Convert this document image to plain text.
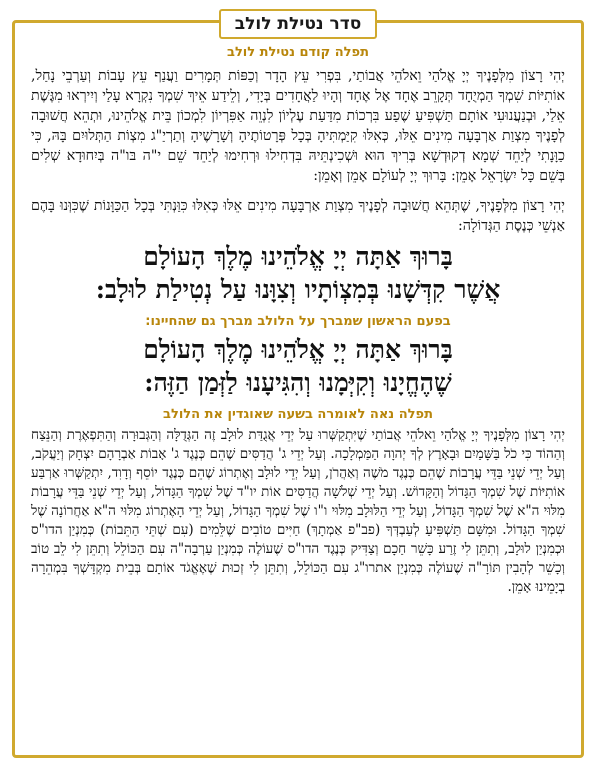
סדר נטילת לולב
תפלה קודם נטילת לולב

יְהִי רָצוֹן מִלְּפָנֶיךָ יְיָ אֱלֹהַי וֵאלֹהֵי אֲבוֹתַי, בִּפְרִי עֵץ הָדָר וְכַפּוֹת תְּמָרִים וַעֲנַף עֵץ עָבוֹת וְעַרְבֵי נָחַל, אוֹתִיּוֹת שִׁמְךָ הַמְיֻחָד תְּקָרֵב אֶחָד אֶל אֶחָד וְהָיוּ לַאֲחָדִים בְּיָדִי, וְלֵידַע אֵיךְ שִׁמְךָ נִקְרָא עָלַי וְיִירְאוּ מִגֶּשֶׁת אֵלַי, וּבְנַעֲנוּעִי אוֹתָם תַּשְׁפִּיעַ שֶׁפַע בִּרְכוֹת מִדַּעַת עֶלְיוֹן לִנְוֵה אַפִּרְיוֹן לִמְכוֹן בֵּית אֱלֹהֵינוּ, וּתְהֵא חֲשׁוּבָה לְפָנֶיךָ מִצְוַת אַרְבָּעָה מִינִים אֵלּוּ, כְּאִלּוּ קִיַּמְתִּיהָ בְּכָל פְּרָטוֹתֶיהָ וְשָׁרָשֶׁיהָ וְתַרְיַ"ג מִצְוֹת הַתְּלוּיִם בָּהּ, כִּי כַוָּנָתִי לְיַחֵד שְׁמָא דְקוּדְשָׁא בְּרִיךְ הוּא וּשְׁכִינְתֵּיהּ בִּדְחִילוּ וּרְחִימוּ לְיַחֵד שֵׁם י"ה בּו"ה בְּיִחוּדָא שְׁלִים בְּשֵׁם כָּל יִשְׂרָאֵל אָמֵן: בָּרוּךְ יְיָ לְעוֹלָם אָמֵן וְאָמֵן:

יְהִי רָצוֹן מִלְּפָנֶיךָ, שֶׁתְּהֵא חֲשׁוּבָה לְפָנֶיךָ מִצְוַת אַרְבָּעָה מִינִים אֵלּוּ כְּאִלּוּ כִּוַּנְתִּי בְּכָל הַכַּוָּנוֹת שֶׁכִּוְּנוּ בָּהֶם אַנְשֵׁי כְּנֶסֶת הַגְּדוֹלָה:

בָּרוּךְ אַתָּה יְיָ אֱלֹהֵינוּ מֶלֶךְ הָעוֹלָם
אֲשֶׁר קִדְּשָׁנוּ בְּמִצְוֹתָיו וְצִוָּנוּ עַל נְטִילַת לוּלָב:
בפעם הראשון שמברך על הלולב מברך גם שהחיינו:
בָּרוּךְ אַתָּה יְיָ אֱלֹהֵינוּ מֶלֶךְ הָעוֹלָם
שֶׁהֶחֱיָנוּ וְקִיְּמָנוּ וְהִגִּיעָנוּ לַזְּמַן הַזֶּה:
תפלה נאה לאומרה בשעה שאוגדין את הלולב

יְהִי רָצוֹן מִלְּפָנֶיךָ יְיָ אֱלֹהַי וֵאלֹהֵי אֲבוֹתַי שֶׁיִּתְקַשְּׁרוּ עַל יְדֵי אֲגֻדַּת לוּלָב זֶה הַגְּדֻלָּה וְהַגְּבוּרָה וְהַתִּפְאֶרֶת וְהַנֵּצַח וְהַהוֹד כִּי כֹל בַּשָּׁמַיִם וּבָאָרֶץ לְךָ יְהוָה הַמַּמְלָכָה. וְעַל יְדֵי ג' הֲדַסִּים שֶׁהֵם כְּנֶגֶד ג' אָבוֹת אַבְרָהָם יִצְחָק וְיַעֲקֹב, וְעַל יְדֵי שְׁנֵי בַּדֵּי עֲרָבוֹת שֶׁהֵם כְּנֶגֶד מֹשֶׁה וְאַהֲרֹן, וְעַל יְדֵי לוּלָב וְאֶתְרוֹג שֶׁהֵם כְּנֶגֶד יוֹסֵף וְדָוִד, יִתְקַשְּׁרוּ אַרְבַּע אוֹתִיּוֹת שֶׁל שִׁמְךָ הַגָּדוֹל וְהַקָּדוֹשׁ. וְעַל יְדֵי שְׁלֹשָׁה הֲדַסִּים אוֹת יו"ד שֶׁל שִׁמְךָ הַגָּדוֹל, וְעַל יְדֵי שְׁנֵי בַּדֵּי עֲרָבוֹת מִלּוּי ה"א שֶׁל שִׁמְךָ הַגָּדוֹל, וְעַל יְדֵי הַלּוּלָב מִלּוּי ו"ו שֶׁל שִׁמְךָ הַגָּדוֹל, וְעַל יְדֵי הָאֶתְרוֹג מִלּוּי ה"א אַחֲרוֹנָה שֶׁל שִׁמְךָ הַגָּדוֹל. וּמִשָּׁם תַּשְׁפִּיעַ לְעַבְדְּךָ (פב"פ אַמְתָךְ) חַיִּים טוֹבִים שֶׁלֵּמִים (עִם שְׁתֵּי הַתֵּבוֹת) כְּמִנְיַן הדו"ס וּכְמִנְיַן לוּלָב, וְתִתֵּן לִי זֶרַע כָּשֵׁר חַכָם וְצַדִּיק כְּנֶגֶד הדו"ס שֶׁעוֹלֶה כְּמִנְיַן עַרְבָה"ה עִם הַכּוֹלֵל וְתִתֵּן לִי לֵב טוֹב וְכָשֵׁר לְהָבִין תּוֹרָ"ה שֶׁעוֹלֶה כְּמִנְיַן אתרו"ג עִם הַכּוֹלֵל, וְתִתֵּן לִי זְכוּת שֶׁאֶאֱגֹד אוֹתָם בְּבֵית מִקְדָּשְׁךָ בִּמְהֵרָה בְיָמֵינוּ אָמֵן.
